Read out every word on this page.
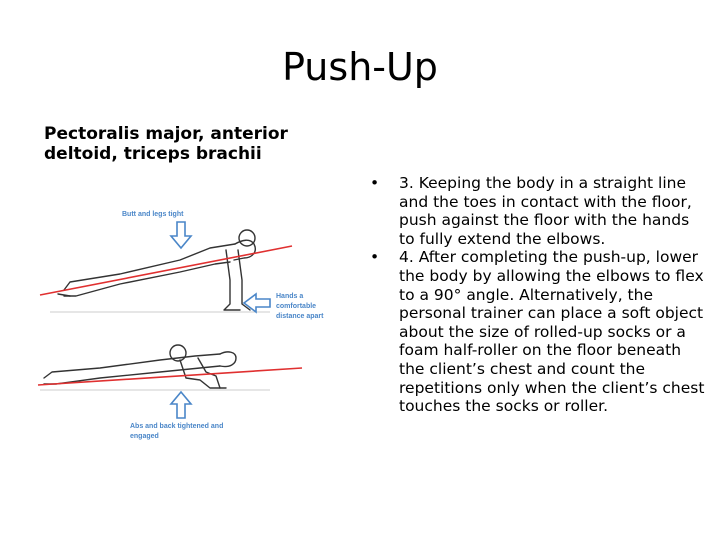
Push-Up
Pectoralis major, anterior deltoid, triceps brachii
Butt and legs tight
Hands a comfortable distance apart
Abs and back tightened and engaged
•	3. Keeping the body in a straight line and the toes in contact with the floor, push against the floor with the hands to fully extend the elbows.
•	4. After completing the push-up, lower the body by allowing the elbows to flex to a 90° angle. Alternatively, the personal trainer can place a soft object about the size of rolled-up socks or a foam half-roller on the floor beneath the client’s chest and count the repetitions only when the client’s chest touches the socks or roller.
